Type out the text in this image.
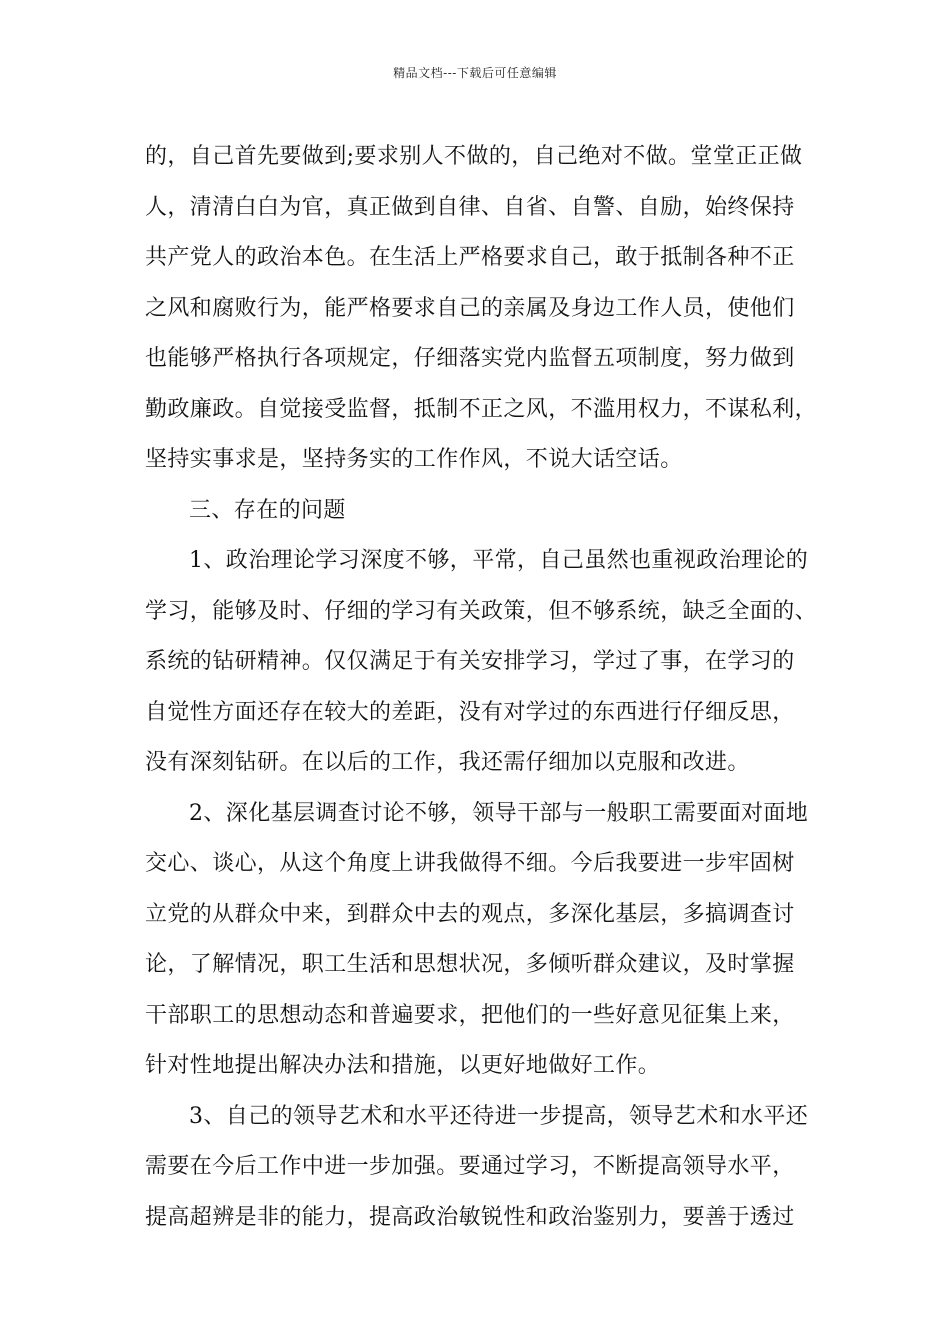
精品文档---下载后可任意编辑
的，自己首先要做到;要求别人不做的，自己绝对不做。堂堂正正做
人，清清白白为官，真正做到自律、自省、自警、自励，始终保持
共产党人的政治本色。在生活上严格要求自己，敢于抵制各种不正
之风和腐败行为，能严格要求自己的亲属及身边工作人员，使他们
也能够严格执行各项规定，仔细落实党内监督五项制度，努力做到
勤政廉政。自觉接受监督，抵制不正之风，不滥用权力，不谋私利，
坚持实事求是，坚持务实的工作作风，不说大话空话。
三、存在的问题
1、政治理论学习深度不够，平常，自己虽然也重视政治理论的
学习，能够及时、仔细的学习有关政策，但不够系统，缺乏全面的、
系统的钻研精神。仅仅满足于有关安排学习，学过了事，在学习的
自觉性方面还存在较大的差距，没有对学过的东西进行仔细反思，
没有深刻钻研。在以后的工作，我还需仔细加以克服和改进。
2、深化基层调查讨论不够，领导干部与一般职工需要面对面地
交心、谈心，从这个角度上讲我做得不细。今后我要进一步牢固树
立党的从群众中来，到群众中去的观点，多深化基层，多搞调查讨
论，了解情况，职工生活和思想状况，多倾听群众建议，及时掌握
干部职工的思想动态和普遍要求，把他们的一些好意见征集上来，
针对性地提出解决办法和措施，以更好地做好工作。
3、自己的领导艺术和水平还待进一步提高，领导艺术和水平还
需要在今后工作中进一步加强。要通过学习，不断提高领导水平，
提高超辨是非的能力，提高政治敏锐性和政治鉴别力，要善于透过
